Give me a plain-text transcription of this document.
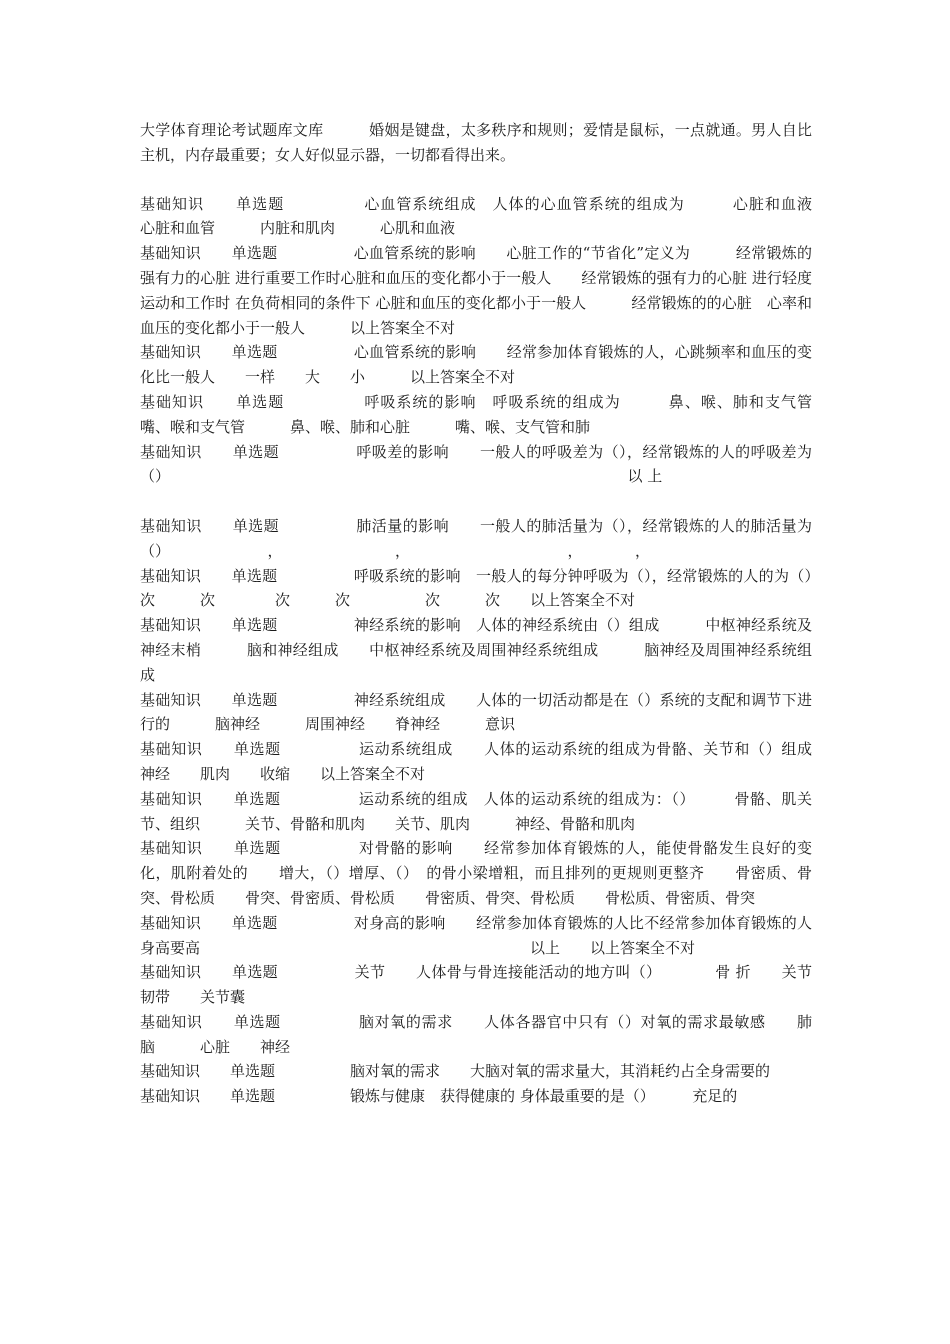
大学体育理论考试题库文库　　　婚姻是键盘，太多秩序和规则；爱情是鼠标，一点就通。男人自比主机，内存最重要；女人好似显示器，一切都看得出来。

基础知识　　单选题　　　　　心血管系统组成　人体的心血管系统的组成为　　　心脏和血液　　　心脏和血管　　　内脏和肌肉　　　心肌和血液

基础知识　　单选题　　　　　心血管系统的影响　　心脏工作的“节省化”定义为　　　经常锻炼的强有力的心脏 进行重要工作时心脏和血压的变化都小于一般人　　经常锻炼的强有力的心脏 进行轻度运动和工作时 在负荷相同的条件下 心脏和血压的变化都小于一般人　　　经常锻炼的的心脏　心率和血压的变化都小于一般人　　　以上答案全不对

基础知识　　单选题　　　　　心血管系统的影响　　经常参加体育锻炼的人，心跳频率和血压的变化比一般人　　一样　　大　　小　　　以上答案全不对

基础知识　　单选题　　　　　呼吸系统的影响　呼吸系统的组成为　　　鼻、喉、肺和支气管　　　嘴、喉和支气管　　　鼻、喉、肺和心脏　　　嘴、喉、支气管和肺

基础知识　　单选题　　　　　呼吸差的影响　　一般人的呼吸差为（），经常锻炼的人的呼吸差为（）　　　　　　　　　　　　　　　　　　　　　　　　　　　　　　　以 上

基础知识　　单选题　　　　　肺活量的影响　　一般人的肺活量为（），经常锻炼的人的肺活量为（）　　　　　　　，　　　　　　　　，　　　　　　　　　　　，　　　　，

基础知识　　单选题　　　　　呼吸系统的影响　一般人的每分钟呼吸为（），经常锻炼的人的为（）　　　　　　次　　　次　　　　次　　　次　　　　　次　　　次　　以上答案全不对

基础知识　　单选题　　　　　神经系统的影响　人体的神经系统由（）组成　　　中枢神经系统及神经末梢　　　脑和神经组成　　中枢神经系统及周围神经系统组成　　　脑神经及周围神经系统组成

基础知识　　单选题　　　　　神经系统组成　　人体的一切活动都是在（）系统的支配和调节下进行的　　　脑神经　　　周围神经　　脊神经　　　意识

基础知识　　单选题　　　　　运动系统组成　　人体的运动系统的组成为骨骼、关节和（）组成　　　神经　　肌肉　　收缩　　以上答案全不对

基础知识　　单选题　　　　　运动系统的组成　人体的运动系统的组成为：（）　　　骨骼、肌关节、组织　　　关节、骨骼和肌肉　　关节、肌肉　　　神经、骨骼和肌肉

基础知识　　单选题　　　　　对骨骼的影响　　经常参加体育锻炼的人，能使骨骼发生良好的变化，肌附着处的　　增大，（）增厚、（）　的骨小梁增粗，而且排列的更规则更整齐　　骨密质、骨突、骨松质　　骨突、骨密质、骨松质　　骨密质、骨突、骨松质　　骨松质、骨密质、骨突

基础知识　　单选题　　　　　对身高的影响　　经常参加体育锻炼的人比不经常参加体育锻炼的人身高要高　　　　　　　　　　　　　　　　　　　　　　以上　　以上答案全不对

基础知识　　单选题　　　　　关节　　人体骨与骨连接能活动的地方叫（）　　　　骨 折　　关节　　韧带　　关节囊

基础知识　　单选题　　　　　脑对氧的需求　　人体各器官中只有（）对氧的需求最敏感　　肺　　　脑　　　心脏　　神经

基础知识　　单选题　　　　　脑对氧的需求　　大脑对氧的需求量大，其消耗约占全身需要的

基础知识　　单选题　　　　　锻炼与健康　获得健康的 身体最重要的是（）　　　充足的
